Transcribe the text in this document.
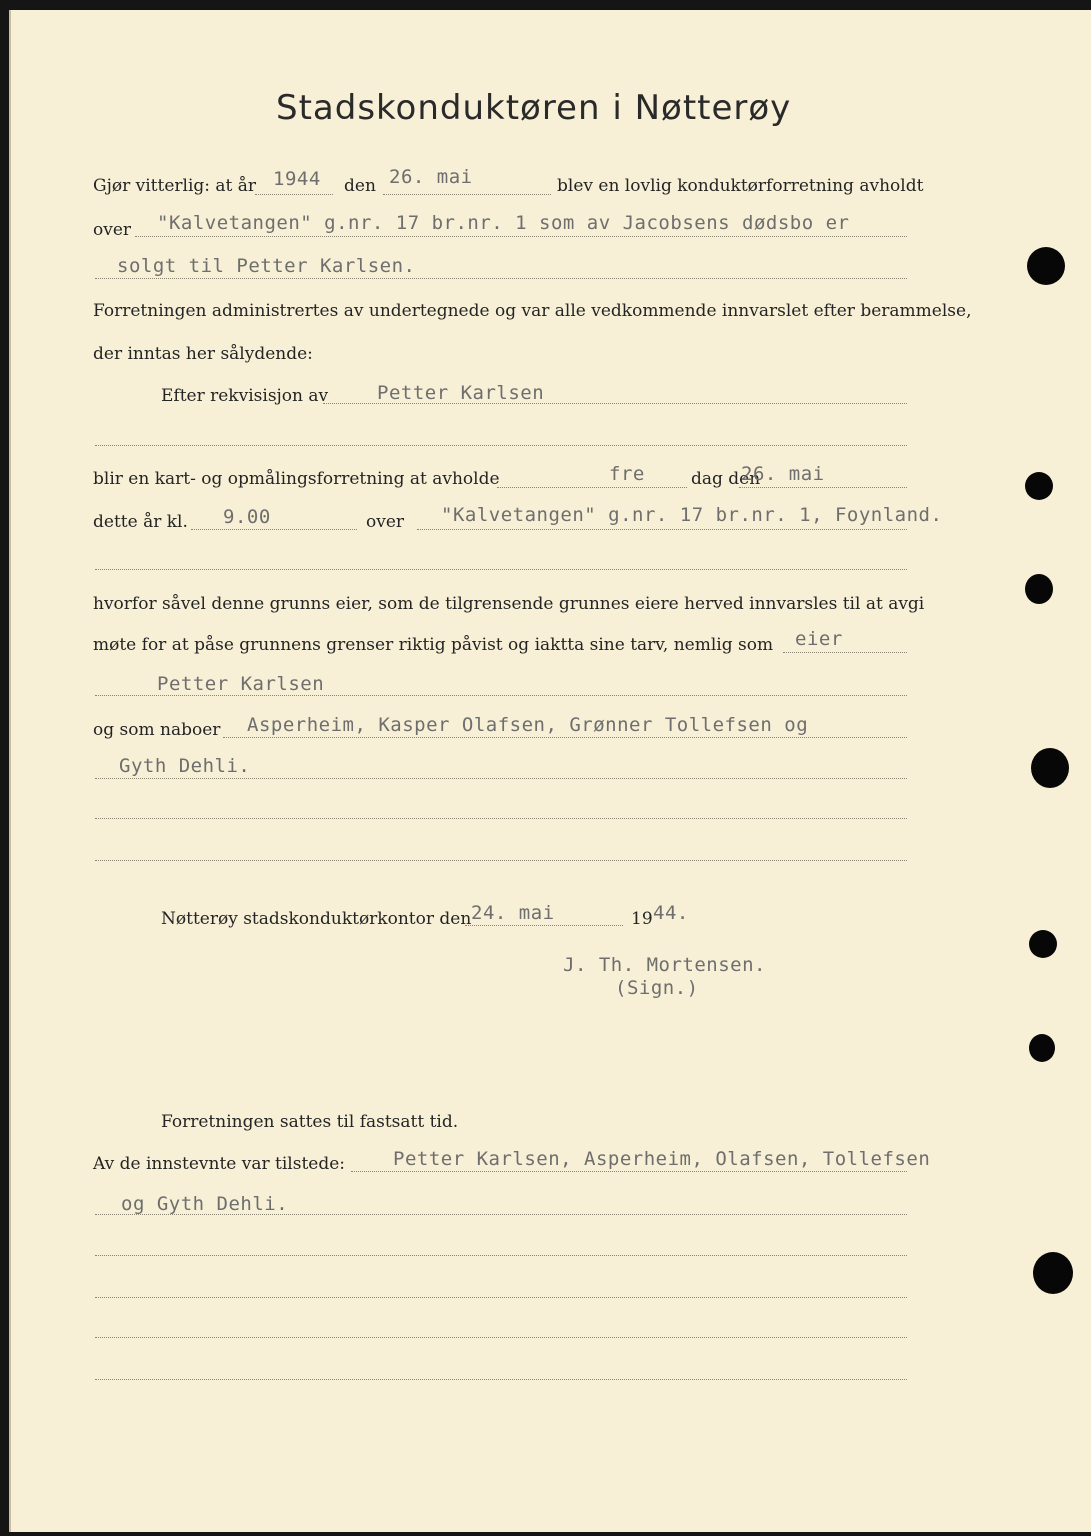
Stadskonduktøren i Nøtterøy
Gjør vitterlig: at år 1944 den 26. mai	blev en lovlig konduktørforretning avholdt
over "Kalvetangen" g.nr. 17 br.nr. 1 som av Jacobsens dødsbo er
solgt til Petter Karlsen.
Forretningen administrertes av undertegnede og var alle vedkommende innvarslet efter berammelse,
der inntas her sålydende:
Efter rekvisisjon av	Petter Karlsen
blir en kart- og opmålingsforretning at avholde	fre	dag den
26. mai
dette år kl. 9.00	over "Kalvetangen" g.nr. 17 br.nr. 1, Foynland.
hvorfor såvel denne grunns eier, som de tilgrensende grunnes eiere herved innvarsles til at avgi
møte for at påse grunnens grenser riktig påvist og iaktta sine tarv, nemlig som eier
Petter Karlsen
og som naboer Asperheim, Kasper Olafsen, Grønner Tollefsen og
Gyth Dehli.
Nøtterøy stadskonduktørkontor den 24. mai	19 44.
J. Th. Mortensen.
(Sign.)
Forretningen sattes til fastsatt tid.
Av de innstevnte var tilstede:	Petter Karlsen, Asperheim, Olafsen, Tollefsen
og Gyth Dehli.
